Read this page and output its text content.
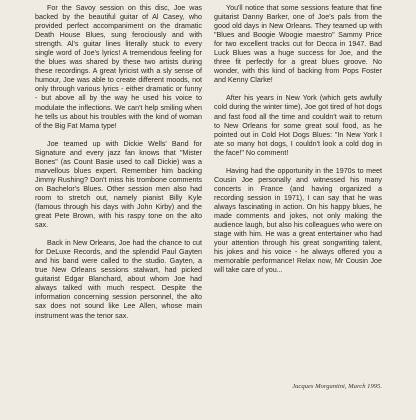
For the Savoy session on this disc, Joe was backed by the beautiful guitar of Al Casey, who provided perfect accompaniment on the dramatic Death House Blues, sung ferociously and with strength. Al's guitar lines literally stuck to every single word of Joe's lyrics! A tremendous feeling for the blues was shared by these two artists during these recordings. A great lyricist with a sly sense of humour, Joe was able to create different moods, not only through various lyrics - either dramatic or funny - but above all by the way he used his voice to modulate the inflections. We can't help smiling when he tells us about his troubles with the kind of woman of the Big Fat Mama type!

Joe teamed up with Dickie Wells' Band for Signature and every jazz fan knows that "Mister Bones" (as Count Basie used to call Dickie) was a marvellous blues expert. Remember him backing Jimmy Rushing? Don't miss his trombone comments on Bachelor's Blues. Other session men also had room to stretch out, namely pianist Billy Kyle (famous through his days with John Kirby) and the great Pete Brown, with his raspy tone on the alto sax.

Back in New Orleans, Joe had the chance to cut for DeLuxe Records, and the splendid Paul Gayten and his band were called to the studio. Gayten, a true New Orleans sessions stalwart, had picked guitarist Edgar Blanchard, about whom Joe had always talked with much respect. Despite the information concerning session personnel, the alto sax does not sound like Lee Allen, whose main instrument was the tenor sax.

You'll notice that some sessions feature that fine guitarist Danny Barker, one of Joe's pals from the good old days in New Orleans. They teamed up with "Blues and Boogie Woogie maestro" Sammy Price for two excellent tracks cut for Decca in 1947. Bad Luck Blues was a huge success for Joe, and the three fit perfectly for a great blues groove. No wonder, with this kind of backing from Pops Foster and Kenny Clarke!

After his years in New York (which gets awfully cold during the winter time), Joe got tired of hot dogs and fast food all the time and couldn't wait to return to New Orleans for some great soul food, as he pointed out in Cold Hot Dogs Blues: "In New York I ate so many hot dogs, I couldn't look a cold dog in the face!" No comment!

Having had the opportunity in the 1970s to meet Cousin Joe personally and witnessed his many concerts in France (and having organized a recording session in 1971), I can say that he was always fascinating in action. On his happy blues, he made comments and jokes, not only making the audience laugh, but also his colleagues who were on stage with him. He was a great entertainer who had your attention through his great songwriting talent, his jokes and his voice - he always offered you a memorable performance! Relax now, Mr Cousin Joe will take care of you...

Jacques Morgantini, March 1995.
